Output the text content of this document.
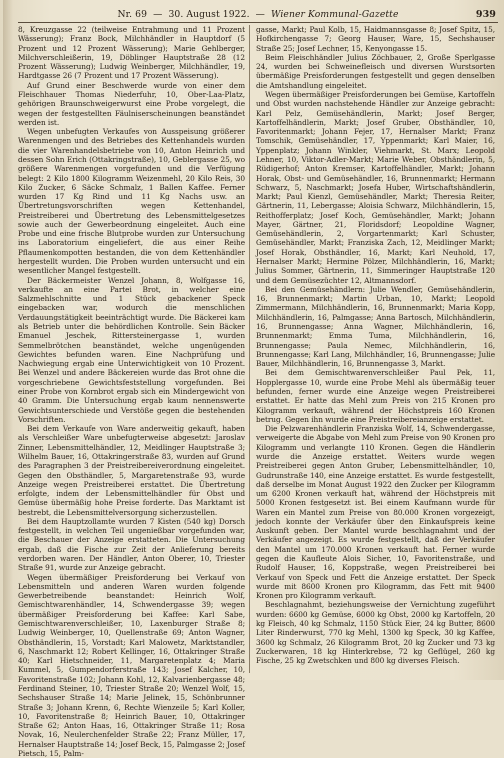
Nr. 69  —  30. August 1922.  —  Wiener Kommunal-Gazette	939

8, Kreuzgasse 22 (teilweise Entrahmung und 11 Prozent Wässerung); Franz Bock, Milchhändler in Hauptdorf (5 Prozent und 12 Prozent Wässerung); Marie Gehlberger, Milchverschleißerin, 19, Döblinger Hauptstraße 28 (12 Prozent Wässerung); Ludwig Weinberger, Milchhändler, 19, Hardtgasse 26 (7 Prozent und 17 Prozent Wässerung).

Auf Grund einer Beschwerde wurde von einer dem Fleischhauer Thomas Niederfuhr, 10, Ober-Laa-Platz, gehörigen Braunschweigerwurst eine Probe vorgelegt, die wegen der festgestellten Fäulniserscheinungen beanständet werden ist.

Wegen unbefugten Verkaufes von Ausspeisung größerer Warenmengen und des Betriebes des Kettenhandels wurden die vier Warenhandelsbetriebe von 10, Anton Heinrich und dessen Sohn Erich (Ottakringstraße), 10, Geblergasse 25, wo größere Warenmengen vorgefunden und die Verfügung belegt: 2 Kilo 1800 Kilogramm Weizenmehl, 20 Kilo Reis, 30 Kilo Zucker, 6 Säcke Schmalz, 1 Ballen Kaffee. Ferner wurden 17 Kg Rind und 11 Kg Nachs usw. an Übertretungsvorschriften wegen Kettenhandel, Preistreiberei und Übertretung des Lebensmittelgesetzes sowie auch der Gewerbeordnung eingeleitet. Auch eine Probe und eine frische Blutprobe wurden zur Untersuchung ins Laboratorium eingeliefert, die aus einer Reihe Pflaumenkompotten bestanden, die von dem Kettenhändler hergestellt wurden. Die Proben wurden untersucht und ein wesentlicher Mangel festgestellt.

Der Bäckermeister Wenzel Johann, 8, Wolfgasse 16, verkaufte an eine Partei Brot, in welcher eine Salzmehlschnitte und 1 Stück gebackener Speck eingebacken war, wodurch die menschlichen Verdauungstätigkeit beeinträchtigt wurde. Die Bäckerei kam als Betrieb unter die behördlichen Kontrolle. Sein Bäcker Emanuel Jeschek, Rittersteinergasse 1, wurden Semmelbrötchen beanständet, welche ungenügenden Gewichtes befunden waren. Eine Nachprüfung und Nachwiegung ergab eine Unterwichtigkeit von 10 Prozent. Bei Wenzel und andere Bäckereien wurde das Brot ohne die vorgeschriebene Gewichtsfeststellung vorgefunden. Bei einer Probe von Kornbrot ergab sich ein Mindergewicht von 40 Gramm. Die Untersuchung ergab kaum nennenswerte Gewichtsunterschiede und Verstöße gegen die bestehenden Vorschriften.

Bei dem Verkaufe von Ware anderweitig gekauft, haben als Verschleißer Ware unbefugterweise abgesetzt: Jaroslav Zinner, Lebensmittelhändler, 12, Meidlinger Hauptstraße 3; Wilhelm Bauer, 16, Ottakringerstraße 83, wurden auf Grund des Paragraphen 3 der Preistreibereiverordnung eingeleitet. Gegen den Obsthändler, 5, Margaretenstraße 93, wurde Anzeige wegen Preistreiberei erstattet. Die Übertretung erfolgte, indem der Lebensmittelhändler für Obst und Gemüse übermäßig hohe Preise forderte. Das Marktamt ist bestrebt, die Lebensmittelversorgung sicherzustellen.

Bei dem Hauptzollamte wurden 7 Kisten (540 kg) Dorsch festgestellt, in welchen Teil ungenießbar vorgefunden war, die Beschauer der Anzeige erstatteten. Die Untersuchung ergab, daß die Fische zur Zeit der Anlieferung bereits verdorben waren. Der Händler, Anton Oberer, 10, Triester Straße 91, wurde zur Anzeige gebracht.

Wegen übermäßiger Preisforderung bei Verkauf von Lebensmitteln und anderen Waren wurden folgende Gewerbetreibende beanstandet: Heinrich Wolf, Gemischtwarenhändler, 14, Schwendergasse 39; wegen übermäßiger Preisforderung bei Kaffee: Karl Sabe, Gemischtwarenverschleißer, 10, Laxenburger Straße 8; Ludwig Weinberger, 10, Quellenstraße 69; Anton Wagner, Obsthändlerin, 15, Vorstadt; Karl Malowetz, Marktstandler, 6, Naschmarkt 12; Robert Kellinger, 16, Ottakringer Straße 40; Karl Hietschneider, 11, Margaretenplatz 4; Maria Kummel, 5, Gumpendorferstraße 143; Josef Kalcher, 10, Favoritenstraße 102; Johann Kohl, 12, Kalvarienbergasse 48; Ferdinand Steiner, 10, Triester Straße 20; Wenzel Wolf, 15, Sechshauser Straße 14; Marie Jelinek, 15, Schönbrunner Straße 3; Johann Krenn, 6, Rechte Wienzeile 5; Karl Koller, 10, Favoritenstraße 8; Heinrich Bauer, 10, Ottakringer Straße 62; Anton Haas, 16, Ottakringer Straße 11; Rosa Novak, 16, Neulerchenfelder Straße 22; Franz Müller, 17, Hernalser Hauptstraße 14; Josef Beck, 15, Palmgasse 2; Josef Pietsch, 15, Palm-

gasse, Markt; Paul Kolb, 15, Haidmannsgasse 8; Josef Spitz, 15, Hofkirchengasse 7; Georg Hauser, Ware, 15, Sechshauser Straße 25; Josef Lechner, 15, Kenyongasse 15.

Beim Fleischhändler Julius Zöchbauer, 2, Große Sperlgasse 24, wurden bei Schweinefleisch und diversen Wurstsorten übermäßige Preisforderungen festgestellt und gegen denselben die Amtshandlung eingeleitet.

Wegen übermäßiger Preisforderungen bei Gemüse, Kartoffeln und Obst wurden nachstehende Händler zur Anzeige gebracht: Karl Pelz, Gemüsehändlerin, Markt; Josef Berger, Kartoffelhändlerin, Markt; Josef Gruber, Obsthändler, 10, Favoritenmarkt; Johann Fejer, 17, Hernalser Markt; Franz Tomschik, Gemüsehändler, 17, Yppenmarkt; Karl Maier, 16, Yppenplatz; Johann Winkler, Viehmarkt, St. Marx; Leopold Lehner, 10, Viktor-Adler-Markt; Marie Weber, Obsthändlerin, 5, Rüdigerhof; Anton Kremser, Kartoffelhändler, Markt; Johann Horak, Obst- und Gemüsehändler, 16, Brunnenmarkt; Hermann Schwarz, 5, Naschmarkt; Josefa Huber, Wirtschaftshändlerin, Markt; Paul Kienzl, Gemüsehändler, Markt; Theresia Reiter, Gärtnerin, 11, Lebergasse; Aloisia Schwarz, Milchhändlerin, 15, Reithofferplatz; Josef Koch, Gemüsehändler, Markt; Johann Mayer, Gärtner, 21, Floridsdorf; Leopoldine Wagner, Gemüsehändlerin, 2, Vorgartenmarkt; Karl Schuster, Gemüsehändler, Markt; Franziska Zach, 12, Meidlinger Markt; Josef Horak, Obsthändler, 16, Markt; Karl Neuhold, 17, Hernalser Markt; Hermine Pölzer, Milchhändlerin, 16, Markt; Julius Sommer, Gärtnerin, 11, Simmeringer Hauptstraße 120 und dem Gemüsezüchter 12, Altmannsdorf.

Bei den Gemüsehändlern: Julie Wendler, Gemüsehändlerin, 16, Brunnenmarkt; Martin Urban, 10, Markt; Leopold Zimmermann, Milchhändlerin, 16, Brunnenmarkt; Maria Kopp, Milchhändlerin, 16, Palmgasse; Anna Bartosch, Milchhändlerin, 16, Brunnengasse; Anna Wagner, Milchhändlerin, 16, Brunnenmarkt; Emma Tuma, Milchhändlerin, 16, Brunnengasse; Paula Nemec, Milchhändlerin, 16, Brunnengasse; Karl Lang, Milchhändler, 16, Brunnengasse; Julie Bauer, Milchhändlerin, 16, Brunnengasse 3, Markt.

Bei dem Gemischtwarenverschleißer Paul Pek, 11, Hopplergasse 10, wurde eine Probe Mehl als übermäßig teuer befunden, ferner wurde eine Anzeige wegen Preistreiberei erstattet. Er hatte das Mehl zum Preis von 215 Kronen pro Kilogramm verkauft, während der Höchstpreis 160 Kronen betrug. Gegen ihn wurde eine Preistreibereianzeige erstattet.

Die Pelzwarenhändlerin Franziska Wolf, 14, Schwendergasse, verweigerte die Abgabe von Mehl zum Preise von 90 Kronen pro Kilogramm und verlangte 110 Kronen. Gegen die Händlerin wurde die Anzeige erstattet. Weiters wurde wegen Preistreiberei gegen Anton Gruber, Lebensmittelhändler, 10, Gudrunstraße 140, eine Anzeige erstattet. Es wurde festgestellt, daß derselbe im Monat August 1922 den Zucker per Kilogramm um 6200 Kronen verkauft hat, während der Höchstpreis mit 5000 Kronen festgesetzt ist. Bei einem Kaufmann wurde für Waren ein Mantel zum Preise von 80.000 Kronen vorgezeigt, jedoch konnte der Verkäufer über den Einkaufspreis keine Auskunft geben. Der Mantel wurde beschlagnahmt und der Verkäufer angezeigt. Es wurde festgestellt, daß der Verkäufer den Mantel um 170.000 Kronen verkauft hat. Ferner wurde gegen die Kaufleute Alois Sicher, 10, Favoritenstraße, und Rudolf Hauser, 16, Koppstraße, wegen Preistreiberei bei Verkauf von Speck und Fett die Anzeige erstattet. Der Speck wurde mit 8600 Kronen pro Kilogramm, das Fett mit 9400 Kronen pro Kilogramm verkauft.

Beschlagnahmt, beziehungsweise der Vernichtung zugeführt wurden: 6600 kg Gemüse, 6000 kg Obst, 2000 kg Kartoffeln, 20 kg Fleisch, 40 kg Schmalz, 1150 Stück Eier, 24 kg Butter, 8600 Liter Rinderwurst, 770 kg Mehl, 1300 kg Speck, 30 kg Kaffee, 3600 kg Schmalz, 26 Kilogramm Brot, 20 kg Zucker und 73 kg Zuckerwaren, 18 kg Hinterkrebse, 72 kg Geflügel, 260 kg Fische, 25 kg Zwetschken und 800 kg diverses Fleisch.
